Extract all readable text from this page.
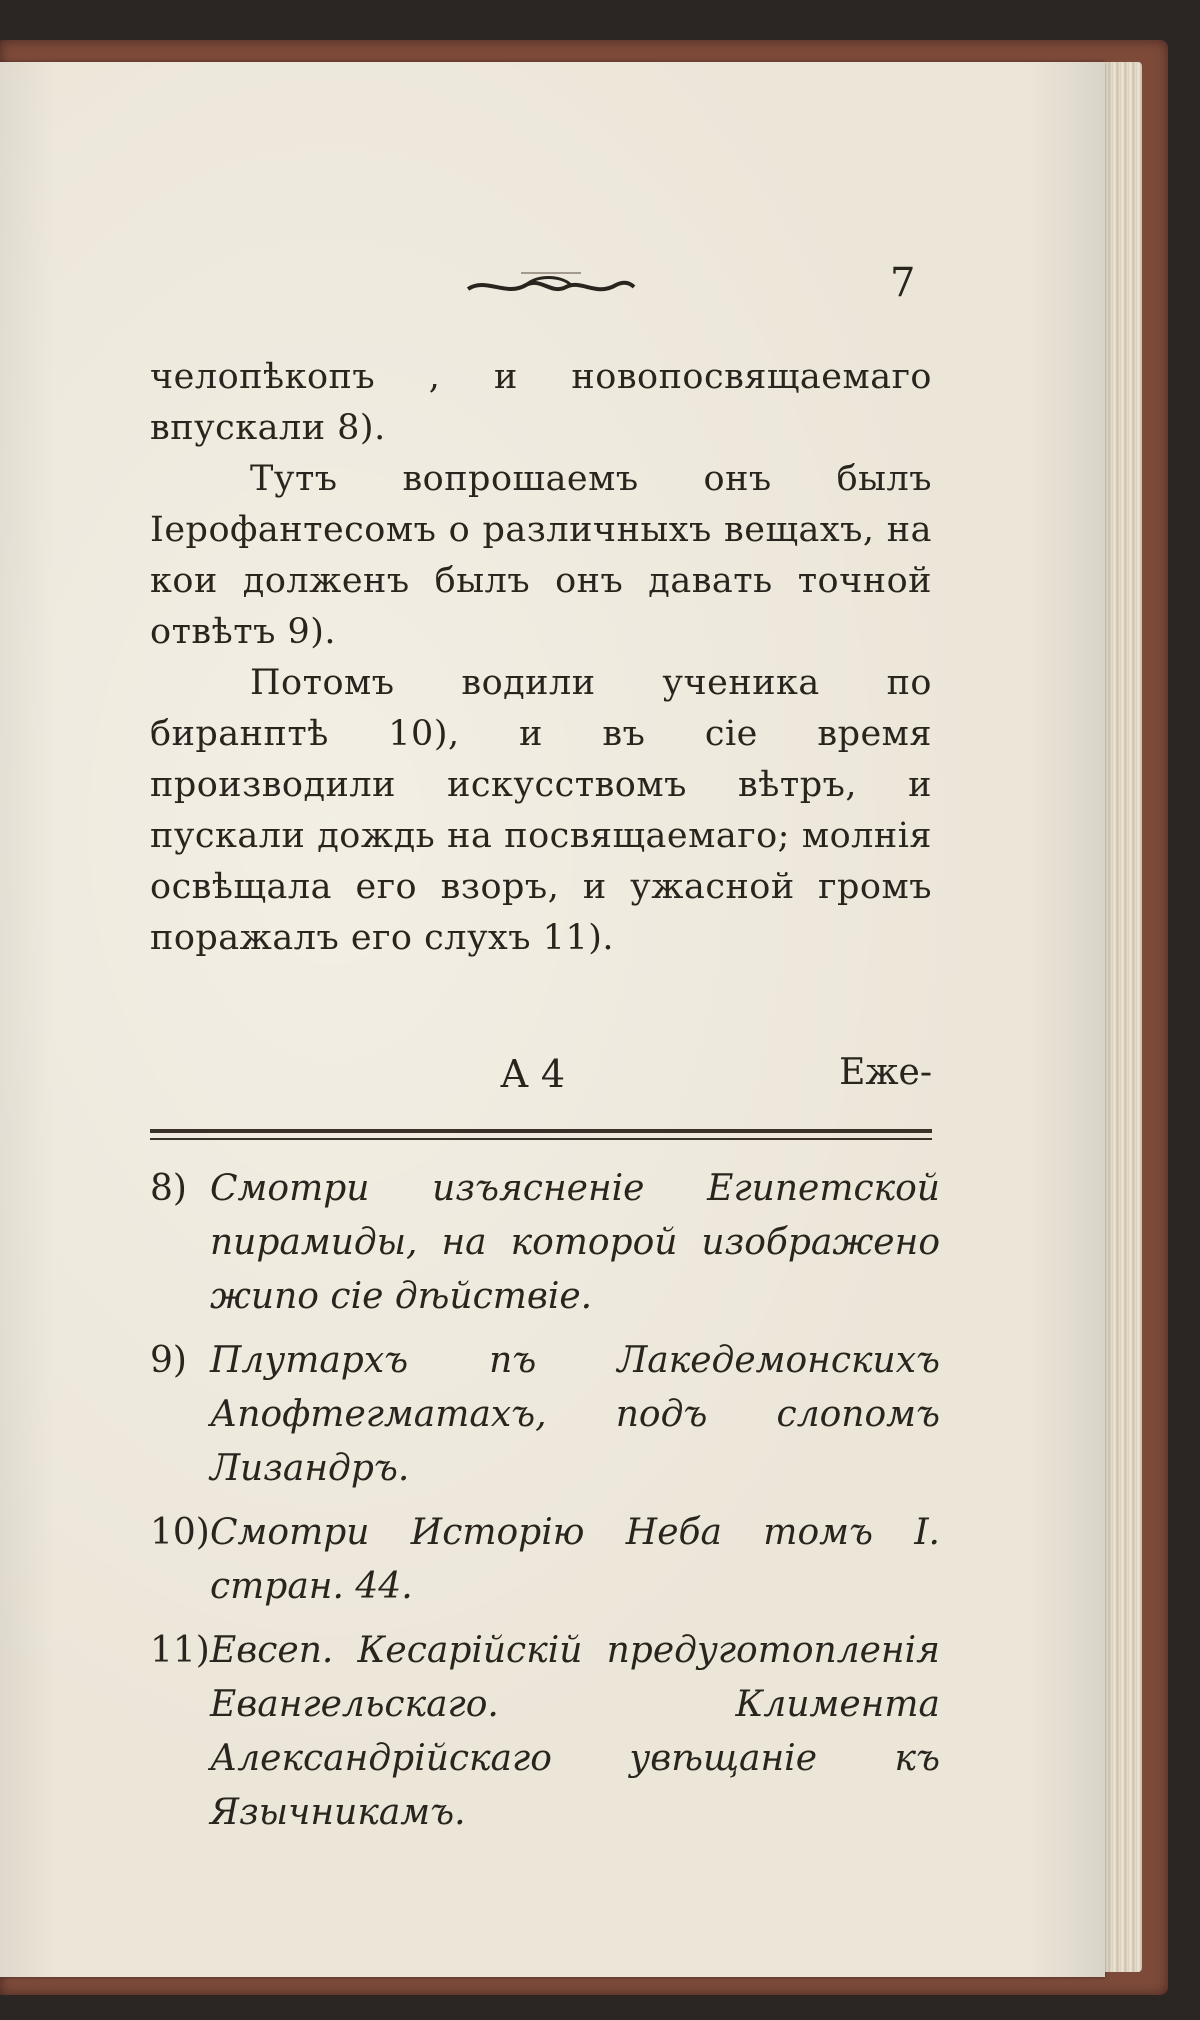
7

челопѣкопъ , и новопосвящаемаго впускали 8).

Тутъ вопрошаемъ онъ былъ Іерофантесомъ о различныхъ вещахъ, на кои долженъ былъ онъ давать точной отвѣтъ 9).

Потомъ водили ученика по биранптѣ 10), и въ сіе время производили искусствомъ вѣтръ, и пускали дождь на посвящаемаго; молнія освѣщала его взоръ, и ужасной громъ поражалъ его слухъ 11).

А 4	Еже-
8) Смотри изъясненіе Египетской пирамиды, на которой изображено жипо сіе дѣйствіе.
9) Плутархъ пъ Лакедемонскихъ Апофтегматахъ, подъ слопомъ Лизандръ.
10) Смотри Исторію Неба томъ I. стран. 44.
11) Евсеп. Кесарійскій предуготопленія Евангельскаго. Климента Александрійскаго увѣщаніе къ Язычникамъ.
